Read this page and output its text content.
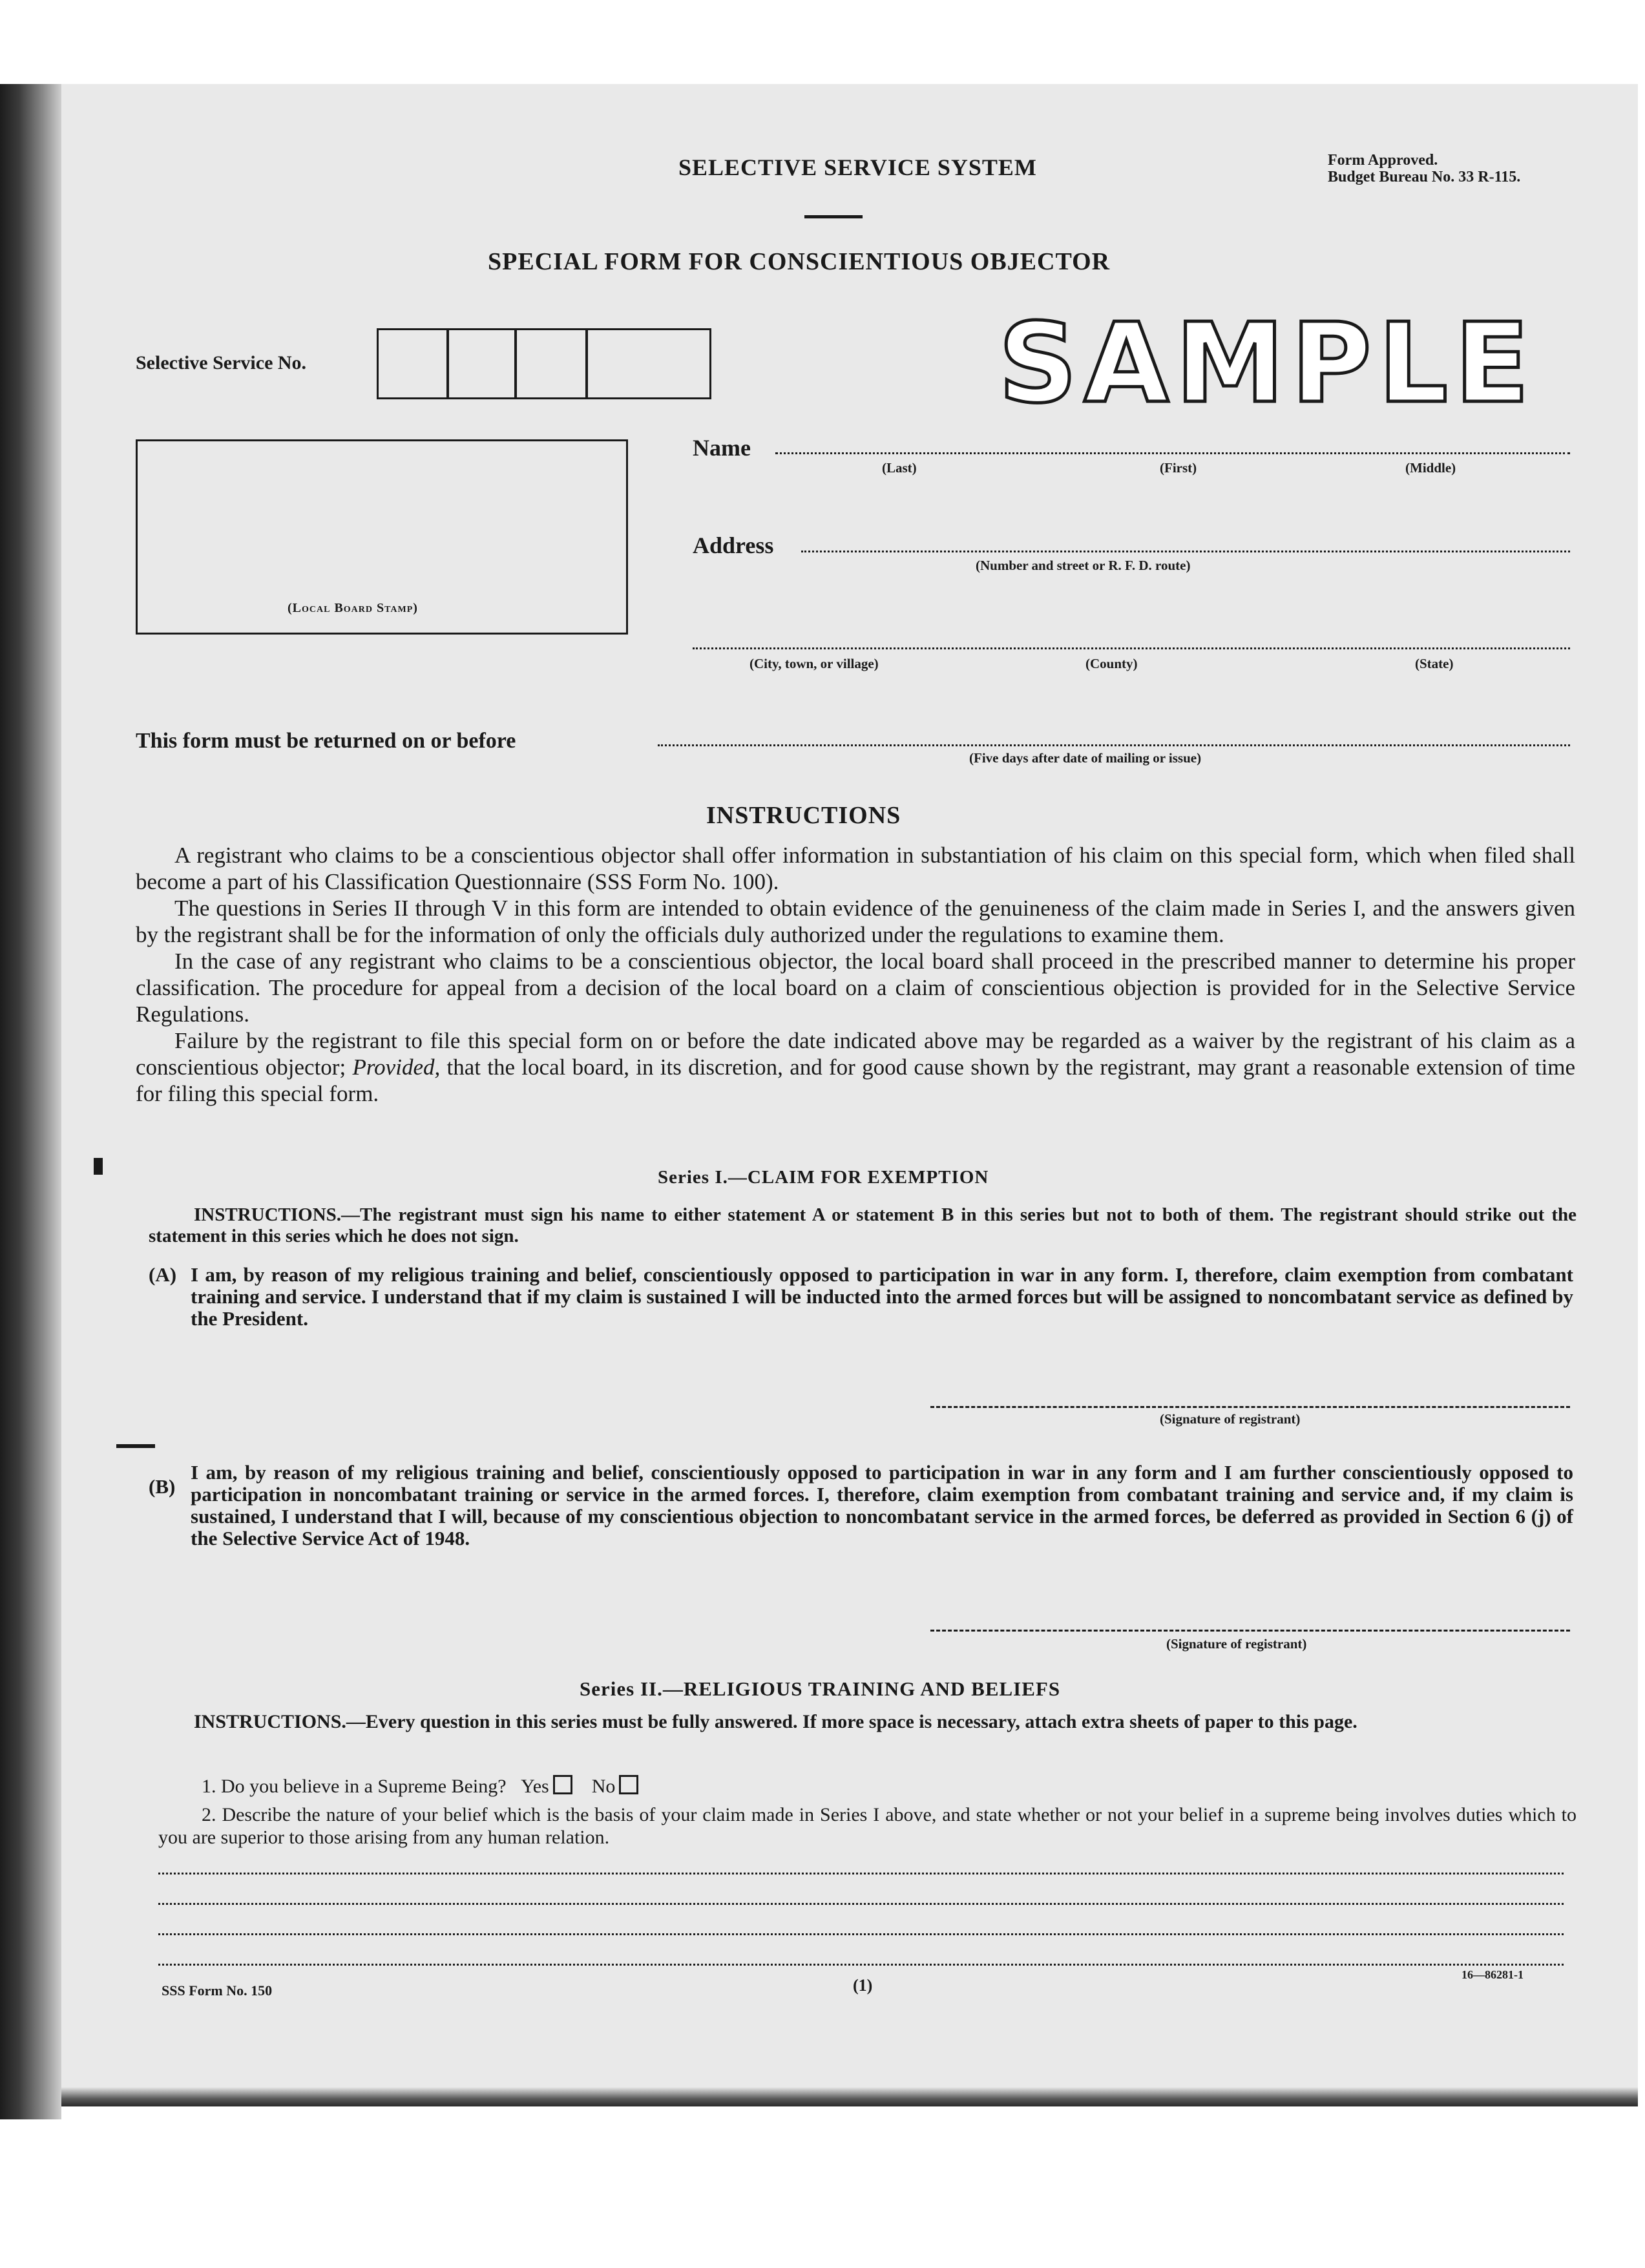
SELECTIVE SERVICE SYSTEM	Form Approved.
Budget Bureau No. 33 R-115.
SPECIAL FORM FOR CONSCIENTIOUS OBJECTOR
Selective Service No.	SAMPLE
(Local Board Stamp)
Name
(Last)	(First)	(Middle)
Address
(Number and street or R. F. D. route)
(City, town, or village)	(County)	(State)
This form must be returned on or before
(Five days after date of mailing or issue)
INSTRUCTIONS

A registrant who claims to be a conscientious objector shall offer information in substantiation of his claim on this special form, which when filed shall become a part of his Classification Questionnaire (SSS Form No. 100).

The questions in Series II through V in this form are intended to obtain evidence of the genuineness of the claim made in Series I, and the answers given by the registrant shall be for the information of only the officials duly authorized under the regulations to examine them.

In the case of any registrant who claims to be a conscientious objector, the local board shall proceed in the prescribed manner to determine his proper classification. The procedure for appeal from a decision of the local board on a claim of conscientious objection is provided for in the Selective Service Regulations.

Failure by the registrant to file this special form on or before the date indicated above may be regarded as a waiver by the registrant of his claim as a conscientious objector; Provided, that the local board, in its discretion, and for good cause shown by the registrant, may grant a reasonable extension of time for filing this special form.

Series I.—CLAIM FOR EXEMPTION
INSTRUCTIONS.—The registrant must sign his name to either statement A or statement B in this series but not to both of them. The registrant should strike out the statement in this series which he does not sign.
(A) I am, by reason of my religious training and belief, conscientiously opposed to participation in war in any form. I, therefore, claim exemption from combatant training and service. I understand that if my claim is sustained I will be inducted into the armed forces but will be assigned to noncombatant service as defined by the President.
(Signature of registrant)
(B)
I am, by reason of my religious training and belief, conscientiously opposed to participation in war in any form and I am further conscientiously opposed to participation in noncombatant training or service in the armed forces. I, therefore, claim exemption from combatant training and service and, if my claim is sustained, I understand that I will, because of my conscientious objection to noncombatant service in the armed forces, be deferred as provided in Section 6 (j) of the Selective Service Act of 1948.
(Signature of registrant)
Series II.—RELIGIOUS TRAINING AND BELIEFS
INSTRUCTIONS.—Every question in this series must be fully answered. If more space is necessary, attach extra sheets of paper to this page.
1. Do you believe in a Supreme Being? Yes No
2. Describe the nature of your belief which is the basis of your claim made in Series I above, and state whether or not your belief in a supreme being involves duties which to you are superior to those arising from any human relation.
SSS Form No. 150	(1)
16—86281-1
